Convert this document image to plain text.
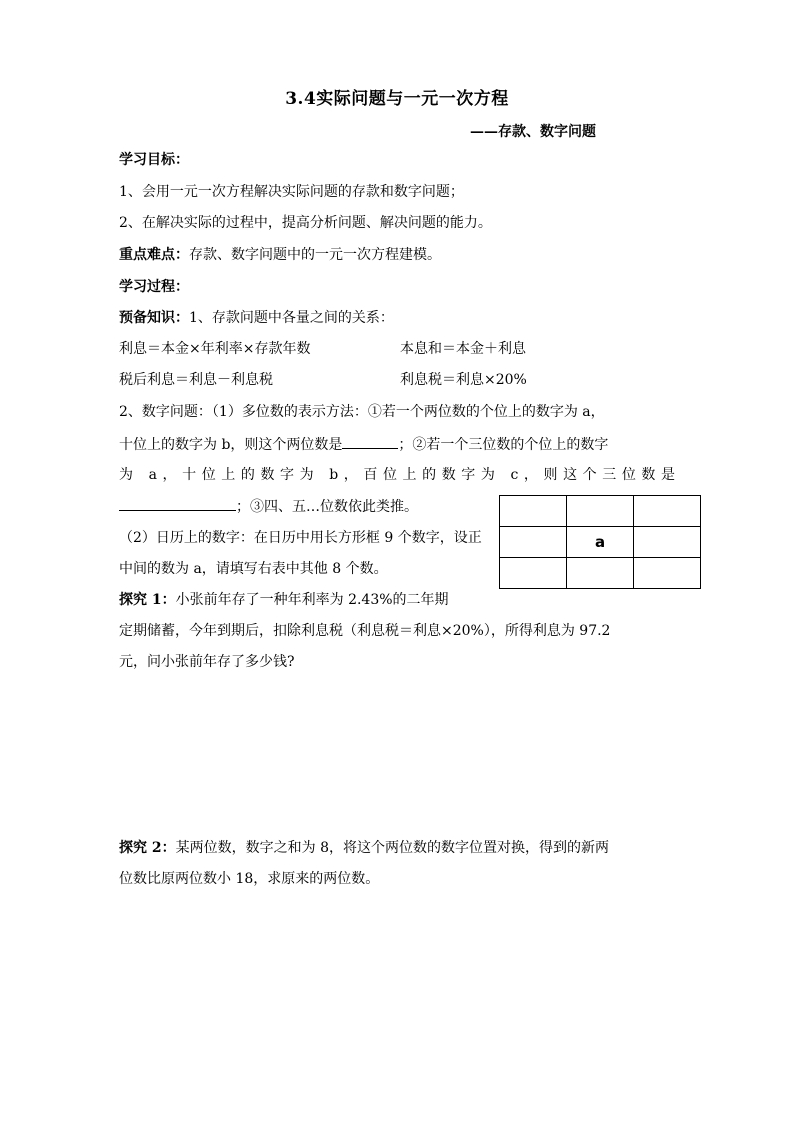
3.4实际问题与一元一次方程
——存款、数字问题
学习目标：
1、会用一元一次方程解决实际问题的存款和数字问题；
2、在解决实际的过程中，提高分析问题、解决问题的能力。
重点难点：存款、数字问题中的一元一次方程建模。
学习过程：
预备知识：1、存款问题中各量之间的关系：
利息＝本金×年利率×存款年数	本息和＝本金＋利息
税后利息＝利息－利息税	利息税＝利息×20%
2、数字问题：（1）多位数的表示方法：①若一个两位数的个位上的数字为 a，
十位上的数字为 b，则这个两位数是	；②若一个三位数的个位上的数字
为 a，十位上的数字为 b，百位上的数字为 c，则这个三位数是
；③四、五…位数依此类推。
（2）日历上的数字：在日历中用长方形框 9 个数字，设正
中间的数为 a，请填写右表中其他 8 个数。

	a	

探究 1：小张前年存了一种年利率为 2.43%的二年期
定期储蓄，今年到期后，扣除利息税（利息税＝利息×20%），所得利息为 97.2
元，问小张前年存了多少钱?
探究 2：某两位数，数字之和为 8，将这个两位数的数字位置对换，得到的新两
位数比原两位数小 18，求原来的两位数。
